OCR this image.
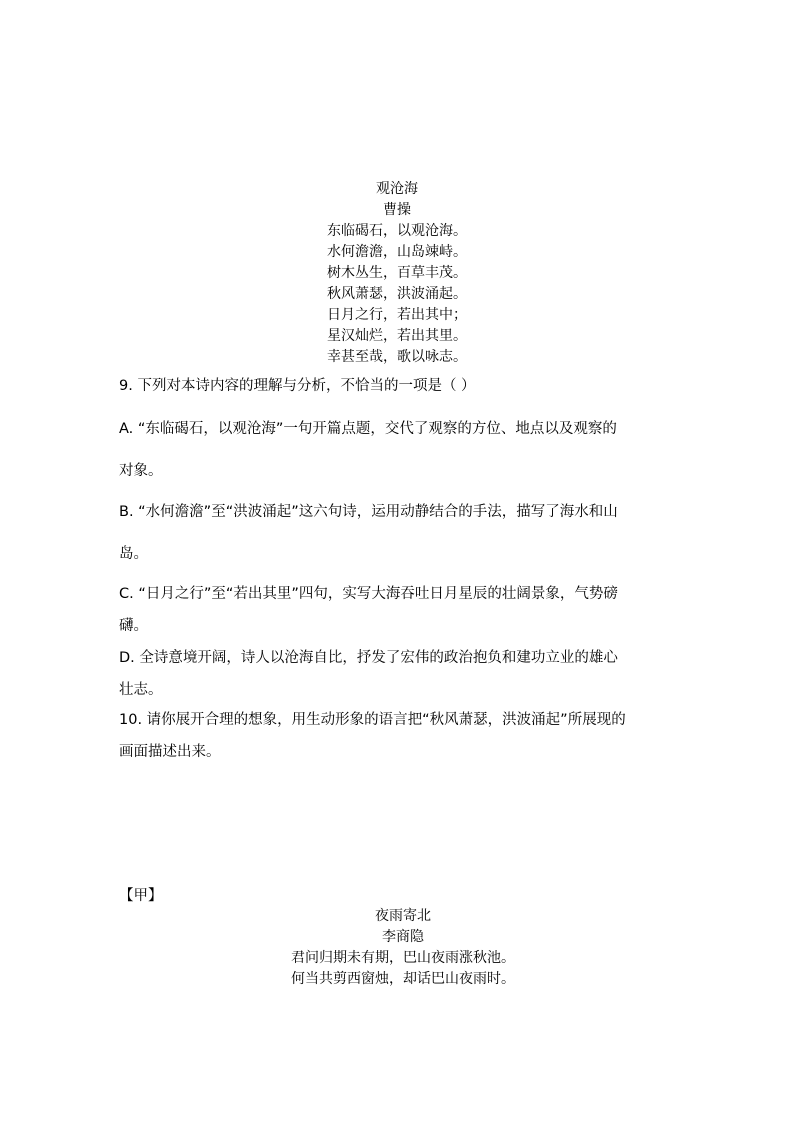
观沧海
曹操
东临碣石，以观沧海。
水何澹澹，山岛竦峙。
树木丛生，百草丰茂。
秋风萧瑟，洪波涌起。
日月之行，若出其中；
星汉灿烂，若出其里。
幸甚至哉，歌以咏志。
9. 下列对本诗内容的理解与分析，不恰当的一项是（ ）
A. “东临碣石，以观沧海”一句开篇点题，交代了观察的方位、地点以及观察的
对象。
B. “水何澹澹”至“洪波涌起”这六句诗，运用动静结合的手法，描写了海水和山
岛。
C. “日月之行”至“若出其里”四句，实写大海吞吐日月星辰的壮阔景象，气势磅
礴。
D. 全诗意境开阔，诗人以沧海自比，抒发了宏伟的政治抱负和建功立业的雄心
壮志。
10. 请你展开合理的想象，用生动形象的语言把“秋风萧瑟，洪波涌起”所展现的
画面描述出来。
【甲】
夜雨寄北
李商隐
君问归期未有期，巴山夜雨涨秋池。
何当共剪西窗烛，却话巴山夜雨时。
